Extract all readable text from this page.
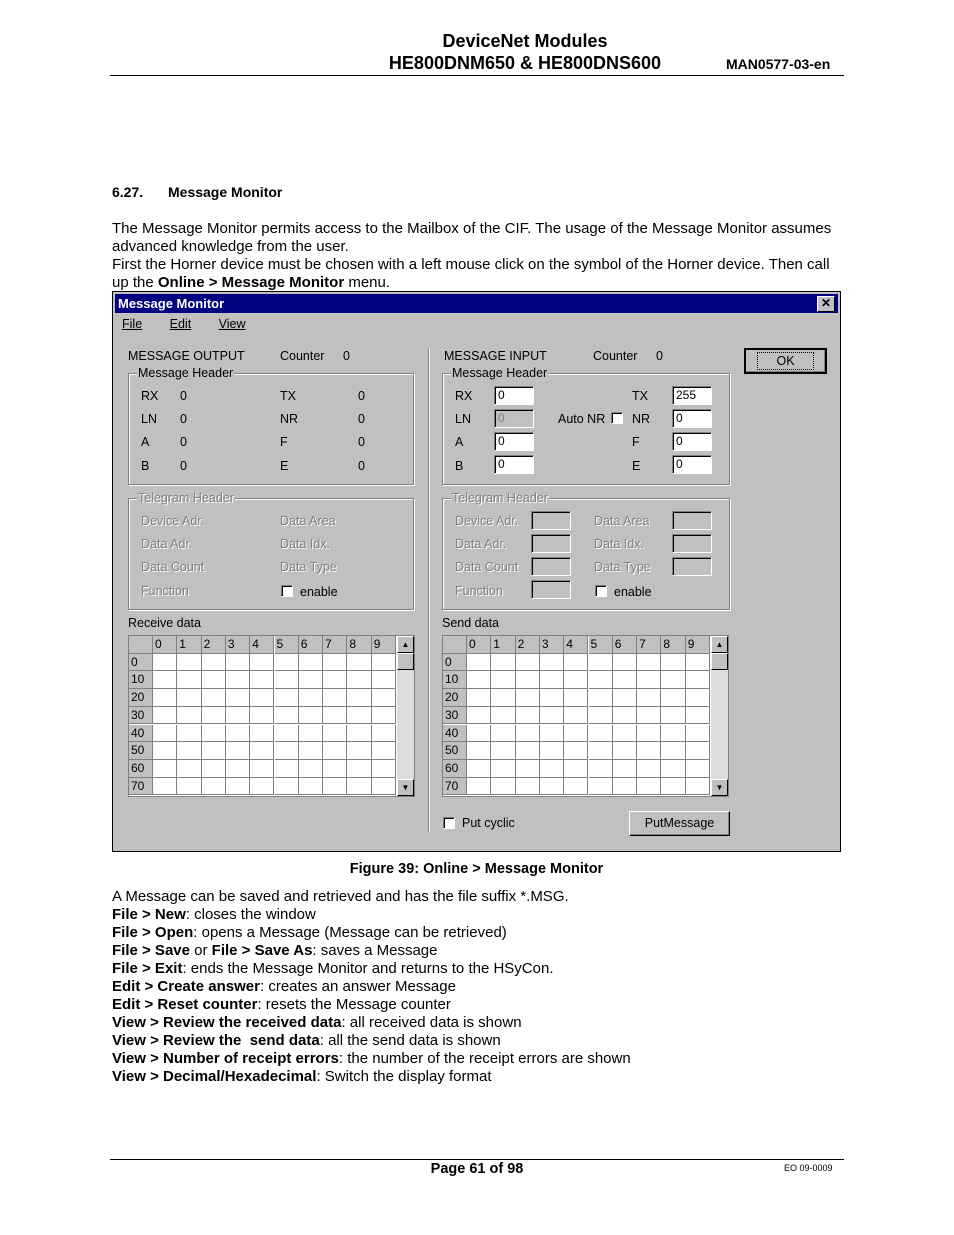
DeviceNet Modules
HE800DNM650 & HE800DNS600	MAN0577-03-en
6.27. Message Monitor
The Message Monitor permits access to the Mailbox of the CIF. The usage of the Message Monitor assumes advanced knowledge from the user.
First the Horner device must be chosen with a left mouse click on the symbol of the Horner device. Then call up the Online > Message Monitor menu.
Message Monitor	✕
File Edit View
MESSAGE OUTPUT	Counter 0
Message Header
RX 0	TX	0
LN 0	NR	0
A 0	F	0
B 0	E	0
Telegram Header
Device Adr.	Data Area
Data Adr.	Data Idx.
Data Count	Data Type
Function	enable
Receive data
0	1	2	3	4	5	6	7	8	9
0
10
20
30
40
50
60
70
▲
▼
MESSAGE INPUT	Counter 0
Message Header
RX	0	TX	255
LN	0	Auto NR NR	0
A	0	F	0
B	0	E	0
Telegram Header
Device Adr.	Data Area
Data Adr.	Data Idx.
Data Count	Data Type
Function	enable
Send data
0	1	2	3	4	5	6	7	8	9
0
10
20
30
40
50
60
70
▲
▼
Put cyclic	PutMessage
OK
Figure 39: Online > Message Monitor
A Message can be saved and retrieved and has the file suffix *.MSG.
File > New: closes the window
File > Open: opens a Message (Message can be retrieved)
File > Save or File > Save As: saves a Message
File > Exit: ends the Message Monitor and returns to the HSyCon.
Edit > Create answer: creates an answer Message
Edit > Reset counter: resets the Message counter
View > Review the received data: all received data is shown
View > Review the  send data: all the send data is shown
View > Number of receipt errors: the number of the receipt errors are shown
View > Decimal/Hexadecimal: Switch the display format
Page 61 of 98	EO 09-0009
